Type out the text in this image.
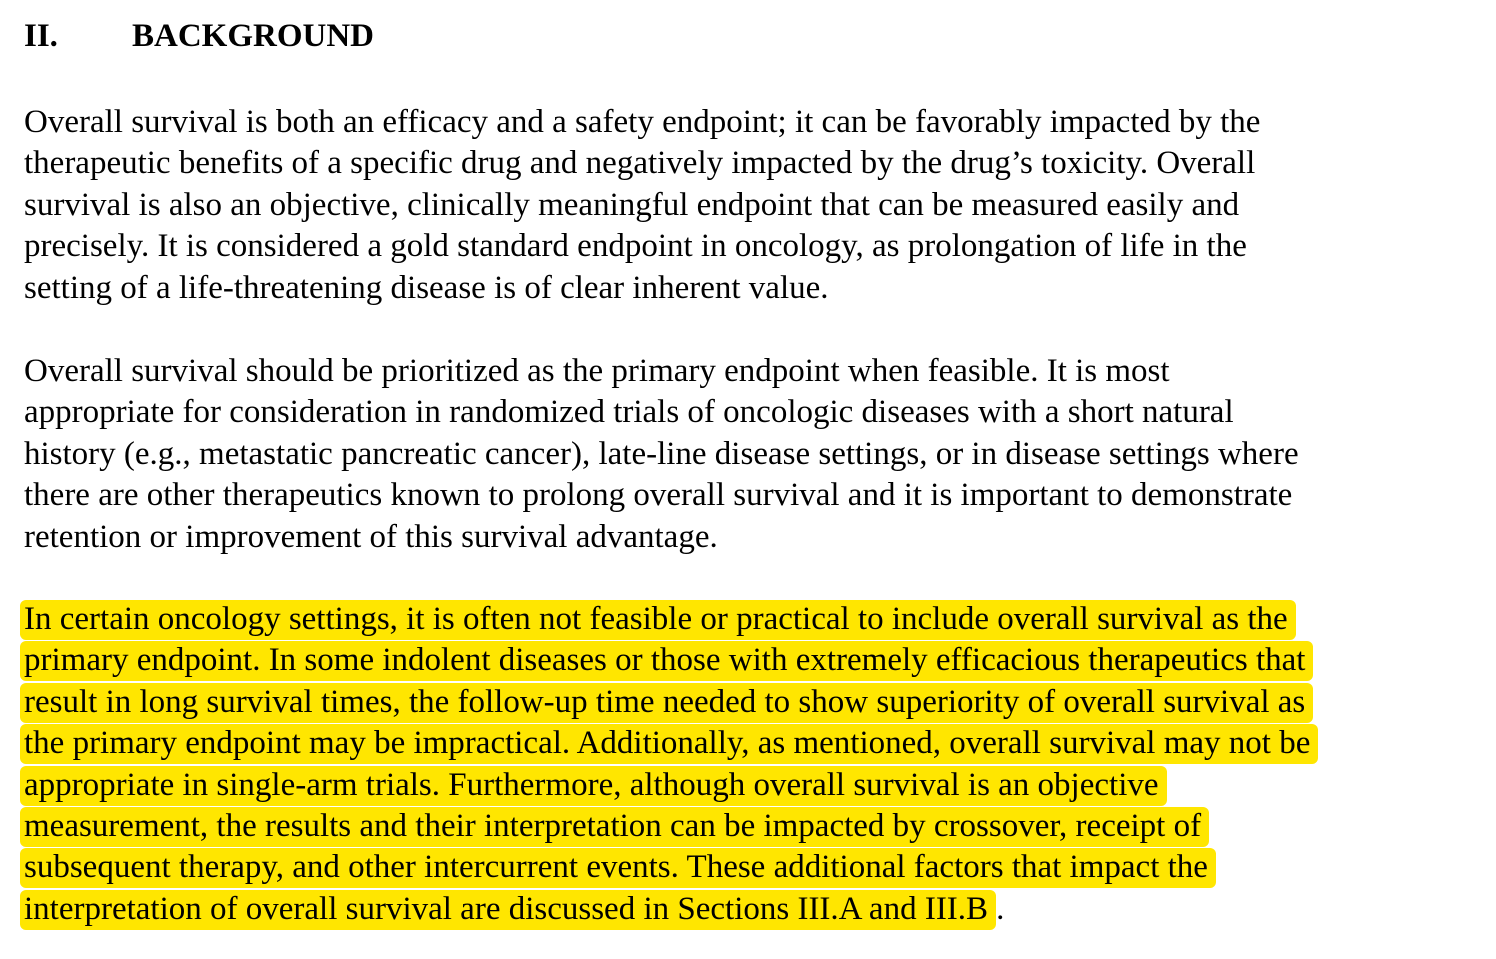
II. BACKGROUND
Overall survival is both an efficacy and a safety endpoint; it can be favorably impacted by the
therapeutic benefits of a specific drug and negatively impacted by the drug’s toxicity. Overall
survival is also an objective, clinically meaningful endpoint that can be measured easily and
precisely. It is considered a gold standard endpoint in oncology, as prolongation of life in the
setting of a life-threatening disease is of clear inherent value.
Overall survival should be prioritized as the primary endpoint when feasible. It is most
appropriate for consideration in randomized trials of oncologic diseases with a short natural
history (e.g., metastatic pancreatic cancer), late-line disease settings, or in disease settings where
there are other therapeutics known to prolong overall survival and it is important to demonstrate
retention or improvement of this survival advantage.
In certain oncology settings, it is often not feasible or practical to include overall survival as the
primary endpoint. In some indolent diseases or those with extremely efficacious therapeutics that
result in long survival times, the follow-up time needed to show superiority of overall survival as
the primary endpoint may be impractical. Additionally, as mentioned, overall survival may not be
appropriate in single-arm trials. Furthermore, although overall survival is an objective
measurement, the results and their interpretation can be impacted by crossover, receipt of
subsequent therapy, and other intercurrent events. These additional factors that impact the
interpretation of overall survival are discussed in Sections III.A and III.B .
